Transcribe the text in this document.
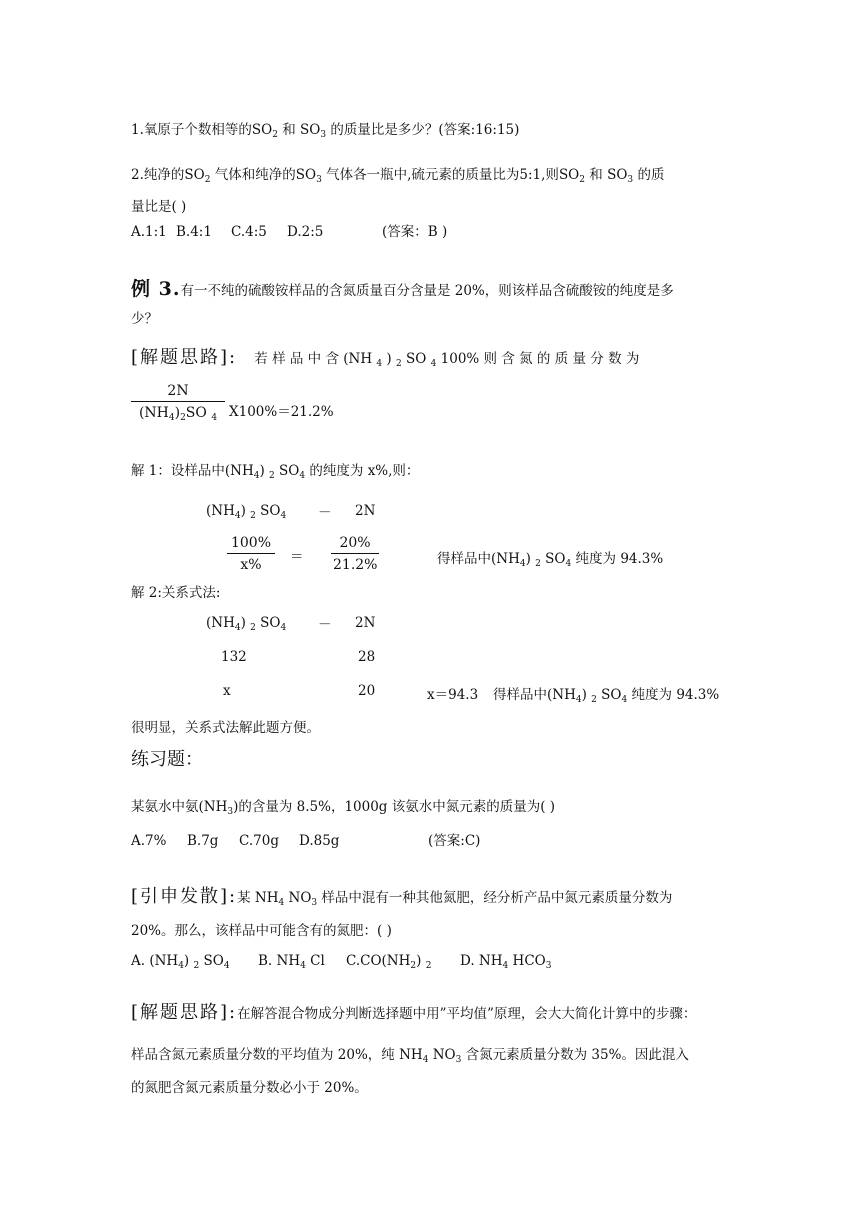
1.氧原子个数相等的$SO_2$ 和 $SO_3$ 的质量比是多少？(答案:16:15)
2.纯净的$SO_2$ 气体和纯净的$SO_3$ 气体各一瓶中,硫元素的质量比为5:1,则$SO_2$ 和 $SO_3$ 的质
量比是( )
A.1:1 B.4:1 C.4:5 D.2:5	(答案：B )
例 3.有一不纯的硫酸铵样品的含氮质量百分含量是 20%，则该样品含硫酸铵的纯度是多
少？
[解题思路]: 若 样 品 中 含 (NH $_4$ ) $_2$ SO $_4$ 100% 则 含 氮 的 质 量 分 数 为
$\frac{2N}{(NH_4)_2SO _4} X100\%=21.2\%$
解 1：设样品中$(NH_4)$ $_2$ $SO_4$ 的纯度为 x%,则：
$(NH_4)$ $_2$ $SO_4 - 2N$
$\frac{100\%}{x\%} = \frac{20\%}{21.2\%}$	得样品中$(NH_4)$ $_2$ $SO_4$ 纯度为 94.3%
解 2:关系式法:
$(NH_4)$ $_2$ $SO_4 - 2N$
132	28
x	20	x＝94.3 得样品中$(NH_4)$ $_2$ $SO_4$ 纯度为 94.3%
很明显，关系式法解此题方便。
练习题：
某氨水中氨$(NH_3)$的含量为 8.5%，1000g 该氨水中氮元素的质量为( )
A.7% B.7g C.70g D.85g	(答案:C)
[引申发散]:某 $NH_4$ $NO_3$ 样品中混有一种其他氮肥，经分析产品中氮元素质量分数为
20%。那么，该样品中可能含有的氮肥：( )
A. $(NH_4)$ $_2$ $SO_4$ B. $NH_4$ Cl $C.CO(NH_2)$ $_2$ D. $NH_4$ $HCO_3$
[解题思路]:在解答混合物成分判断选择题中用”平均值”原理，会大大简化计算中的步骤：
样品含氮元素质量分数的平均值为 20%，纯 $NH_4$ $NO_3$ 含氮元素质量分数为 35%。因此混入
的氮肥含氮元素质量分数必小于 20%。
